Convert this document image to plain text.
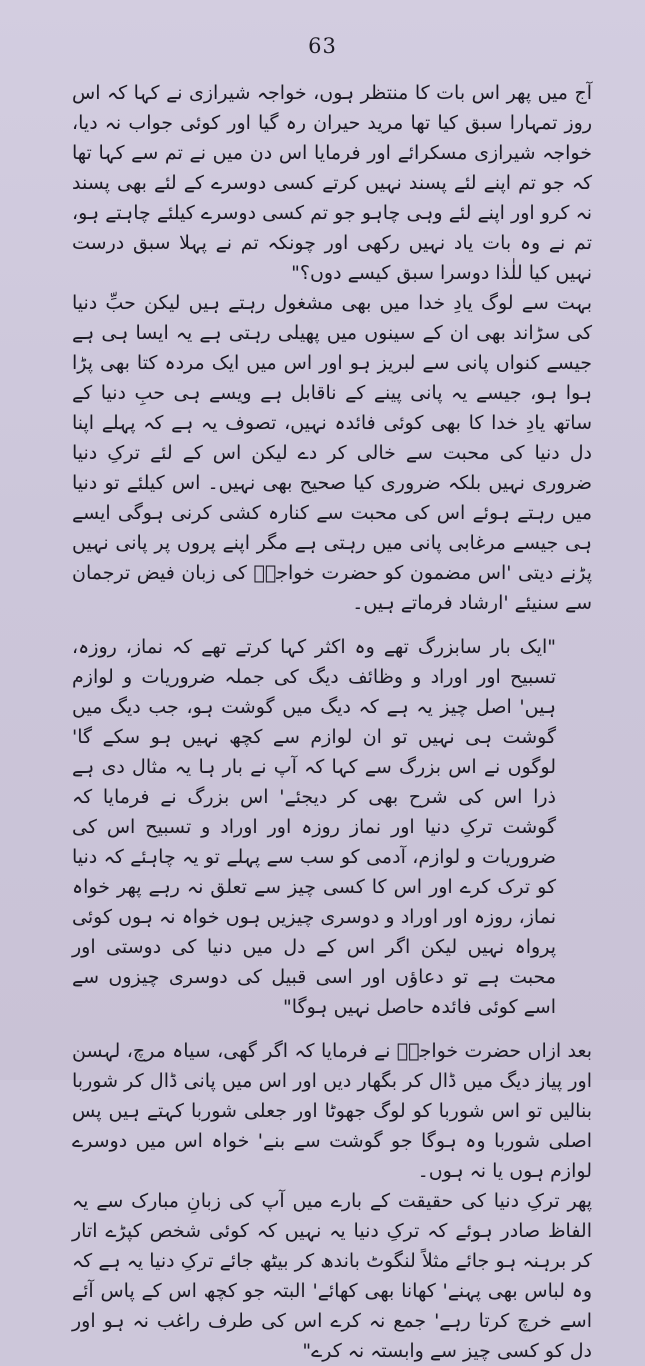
63

آج میں پھر اس بات کا منتظر ہوں، خواجہ شیرازی نے کہا کہ اس روز تمہارا سبق کیا تھا مرید حیران رہ گیا اور کوئی جواب نہ دیا، خواجہ شیرازی مسکرائے اور فرمایا اس دن میں نے تم سے کہا تھا کہ جو تم اپنے لئے پسند نہیں کرتے کسی دوسرے کے لئے بھی پسند نہ کرو اور اپنے لئے وہی چاہو جو تم کسی دوسرے کیلئے چاہتے ہو، تم نے وہ بات یاد نہیں رکھی اور چونکہ تم نے پہلا سبق درست نہیں کیا للٰذا دوسرا سبق کیسے دوں؟"

بہت سے لوگ یادِ خدا میں بھی مشغول رہتے ہیں لیکن حبِّ دنیا کی سڑاند بھی ان کے سینوں میں پھیلی رہتی ہے یہ ایسا ہی ہے جیسے کنواں پانی سے لبریز ہو اور اس میں ایک مردہ کتا بھی پڑا ہوا ہو، جیسے یہ پانی پینے کے ناقابل ہے ویسے ہی حبِ دنیا کے ساتھ یادِ خدا کا بھی کوئی فائدہ نہیں، تصوف یہ ہے کہ پہلے اپنا دل دنیا کی محبت سے خالی کر دے لیکن اس کے لئے ترکِ دنیا ضروری نہیں بلکہ ضروری کیا صحیح بھی نہیں۔ اس کیلئے تو دنیا میں رہتے ہوئے اس کی محبت سے کنارہ کشی کرنی ہوگی ایسے ہی جیسے مرغابی پانی میں رہتی ہے مگر اپنے پروں پر پانی نہیں پڑنے دیتی 'اس مضمون کو حضرت خواجہؒ کی زبان فیض ترجمان سے سنیئے 'ارشاد فرماتے ہیں۔

"ایک بار سابزرگ تھے وہ اکثر کہا کرتے تھے کہ نماز، روزہ، تسبیح اور اوراد و وظائف دیگ کی جملہ ضروریات و لوازم ہیں' اصل چیز یہ ہے کہ دیگ میں گوشت ہو، جب دیگ میں گوشت ہی نہیں تو ان لوازم سے کچھ نہیں ہو سکے گا' لوگوں نے اس بزرگ سے کہا کہ آپ نے بار ہا یہ مثال دی ہے ذرا اس کی شرح بھی کر دیجئے' اس بزرگ نے فرمایا کہ گوشت ترکِ دنیا اور نماز روزہ اور اوراد و تسبیح اس کی ضروریات و لوازم، آدمی کو سب سے پہلے تو یہ چاہئے کہ دنیا کو ترک کرے اور اس کا کسی چیز سے تعلق نہ رہے پھر خواہ نماز، روزہ اور اوراد و دوسری چیزیں ہوں خواہ نہ ہوں کوئی پرواہ نہیں لیکن اگر اس کے دل میں دنیا کی دوستی اور محبت ہے تو دعاؤں اور اسی قبیل کی دوسری چیزوں سے اسے کوئی فائدہ حاصل نہیں ہوگا"

بعد ازاں حضرت خواجہؒ نے فرمایا کہ اگر گھی، سیاہ مرچ، لہسن اور پیاز دیگ میں ڈال کر بگھار دیں اور اس میں پانی ڈال کر شوربا بنالیں تو اس شوربا کو لوگ جھوٹا اور جعلی شوربا کہتے ہیں پس اصلی شوربا وہ ہوگا جو گوشت سے بنے' خواہ اس میں دوسرے لوازم ہوں یا نہ ہوں۔

پھر ترکِ دنیا کی حقیقت کے بارے میں آپ کی زبانِ مبارک سے یہ الفاظ صادر ہوئے کہ ترکِ دنیا یہ نہیں کہ کوئی شخص کپڑے اتار کر برہنہ ہو جائے مثلاً لنگوٹ باندھ کر بیٹھ جائے ترکِ دنیا یہ ہے کہ وہ لباس بھی پہنے' کھانا بھی کھائے' البتہ جو کچھ اس کے پاس آئے اسے خرچ کرتا رہے' جمع نہ کرے اس کی طرف راغب نہ ہو اور دل کو کسی چیز سے وابستہ نہ کرے"
